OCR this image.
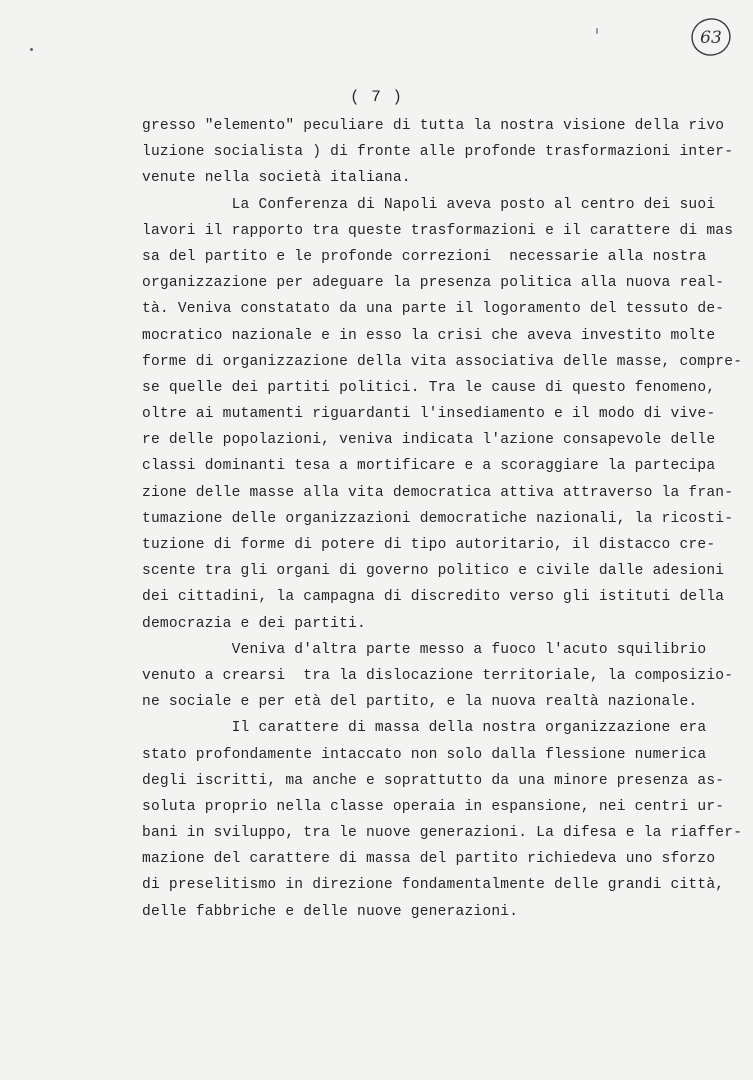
63
( 7 )
gresso "elemento" peculiare di tutta la nostra visione della rivo
luzione socialista ) di fronte alle profonde trasformazioni inter-
venute nella società italiana.
La Conferenza di Napoli aveva posto al centro dei suoi
lavori il rapporto tra queste trasformazioni e il carattere di mas
sa del partito e le profonde correzioni  necessarie alla nostra
organizzazione per adeguare la presenza politica alla nuova real-
tà. Veniva constatato da una parte il logoramento del tessuto de-
mocratico nazionale e in esso la crisi che aveva investito molte
forme di organizzazione della vita associativa delle masse, compre-
se quelle dei partiti politici. Tra le cause di questo fenomeno,
oltre ai mutamenti riguardanti l'insediamento e il modo di vive-
re delle popolazioni, veniva indicata l'azione consapevole delle
classi dominanti tesa a mortificare e a scoraggiare la partecipa
zione delle masse alla vita democratica attiva attraverso la fran-
tumazione delle organizzazioni democratiche nazionali, la ricosti-
tuzione di forme di potere di tipo autoritario, il distacco cre-
scente tra gli organi di governo politico e civile dalle adesioni
dei cittadini, la campagna di discredito verso gli istituti della
democrazia e dei partiti.
Veniva d'altra parte messo a fuoco l'acuto squilibrio
venuto a crearsi  tra la dislocazione territoriale, la composizio-
ne sociale e per età del partito, e la nuova realtà nazionale.
Il carattere di massa della nostra organizzazione era
stato profondamente intaccato non solo dalla flessione numerica
degli iscritti, ma anche e soprattutto da una minore presenza as-
soluta proprio nella classe operaia in espansione, nei centri ur-
bani in sviluppo, tra le nuove generazioni. La difesa e la riaffer-
mazione del carattere di massa del partito richiedeva uno sforzo
di preselitismo in direzione fondamentalmente delle grandi città,
delle fabbriche e delle nuove generazioni.
